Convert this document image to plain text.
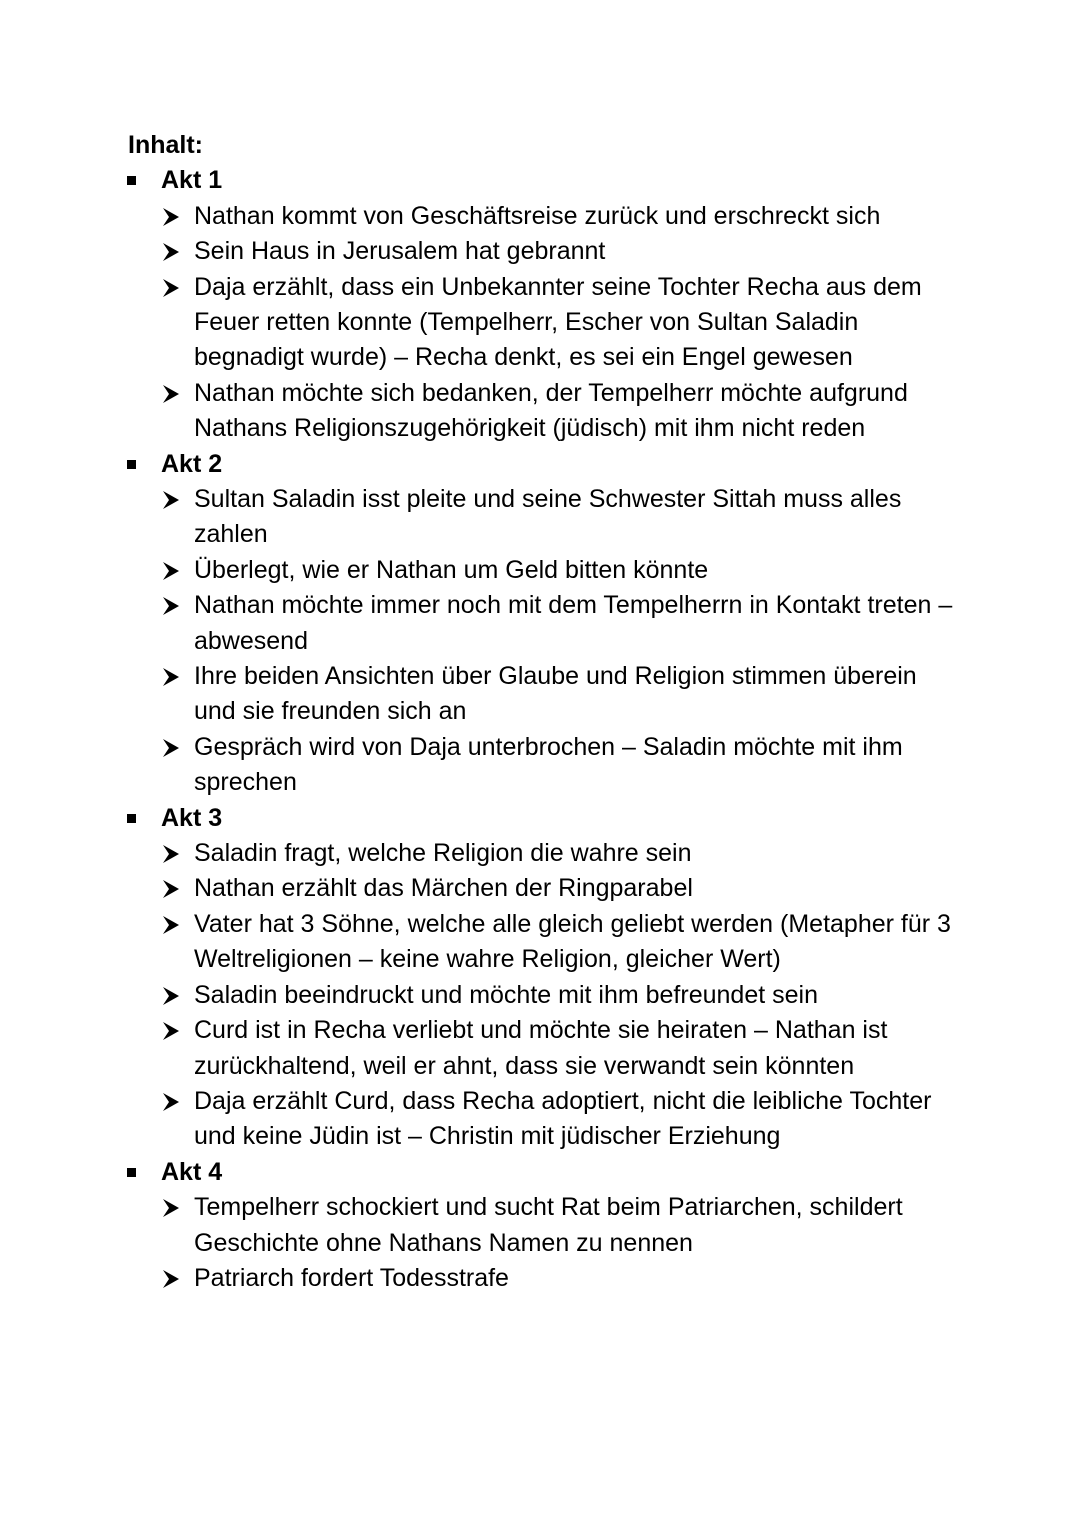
Inhalt:
Akt 1
Nathan kommt von Geschäftsreise zurück und erschreckt sich
Sein Haus in Jerusalem hat gebrannt
Daja erzählt, dass ein Unbekannter seine Tochter Recha aus dem Feuer retten konnte (Tempelherr, Escher von Sultan Saladin begnadigt wurde) – Recha denkt, es sei ein Engel gewesen
Nathan möchte sich bedanken, der Tempelherr möchte aufgrund Nathans Religionszugehörigkeit (jüdisch) mit ihm nicht reden
Akt 2
Sultan Saladin isst pleite und seine Schwester Sittah muss alles zahlen
Überlegt, wie er Nathan um Geld bitten könnte
Nathan möchte immer noch mit dem Tempelherrn in Kontakt treten – abwesend
Ihre beiden Ansichten über Glaube und Religion stimmen überein und sie freunden sich an
Gespräch wird von Daja unterbrochen – Saladin möchte mit ihm sprechen
Akt 3
Saladin fragt, welche Religion die wahre sein
Nathan erzählt das Märchen der Ringparabel
Vater hat 3 Söhne, welche alle gleich geliebt werden (Metapher für 3 Weltreligionen – keine wahre Religion, gleicher Wert)
Saladin beeindruckt und möchte mit ihm befreundet sein
Curd ist in Recha verliebt und möchte sie heiraten – Nathan ist zurückhaltend, weil er ahnt, dass sie verwandt sein könnten
Daja erzählt Curd, dass Recha adoptiert, nicht die leibliche Tochter und keine Jüdin ist – Christin mit jüdischer Erziehung
Akt 4
Tempelherr schockiert und sucht Rat beim Patriarchen, schildert Geschichte ohne Nathans Namen zu nennen
Patriarch fordert Todesstrafe
